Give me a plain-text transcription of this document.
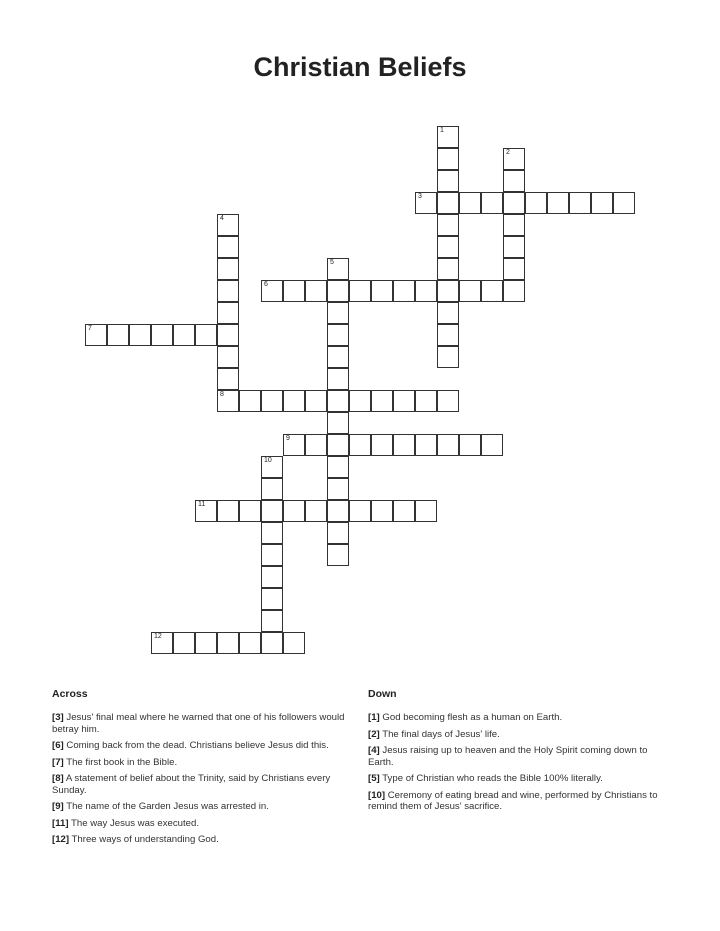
Christian Beliefs
1
2
3
4
8
5
6
7
9
10
11
12
Across
[3] Jesus' final meal where he warned that one of his followers would betray him.
[6] Coming back from the dead. Christians believe Jesus did this.
[7] The first book in the Bible.
[8] A statement of belief about the Trinity, said by Christians every Sunday.
[9] The name of the Garden Jesus was arrested in.
[11] The way Jesus was executed.
[12] Three ways of understanding God.
Down
[1] God becoming flesh as a human on Earth.
[2] The final days of Jesus' life.
[4] Jesus raising up to heaven and the Holy Spirit coming down to Earth.
[5] Type of Christian who reads the Bible 100% literally.
[10] Ceremony of eating bread and wine, performed by Christians to remind them of Jesus' sacrifice.
